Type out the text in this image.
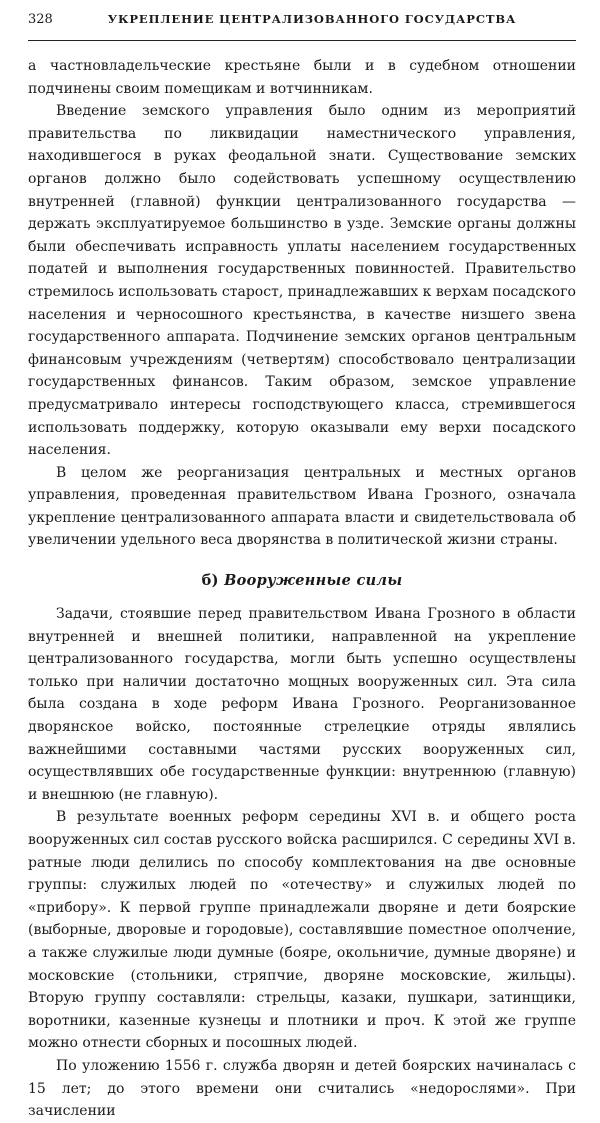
328	УКРЕПЛЕНИЕ ЦЕНТРАЛИЗОВАННОГО ГОСУДАРСТВА

а частновладельческие крестьяне были и в судебном отношении подчинены своим помещикам и вотчинникам.

Введение земского управления было одним из мероприятий правительства по ликвидации наместнического управления, находившегося в руках феодальной знати. Существование земских органов должно было содействовать успешному осуществлению внутренней (главной) функции централизованного государства — держать эксплуатируемое большинство в узде. Земские органы должны были обеспечивать исправность уплаты населением государственных податей и выполнения государственных повинностей. Правительство стремилось использовать старост, принадлежавших к верхам посадского населения и черносошного крестьянства, в качестве низшего звена государственного аппарата. Подчинение земских органов центральным финансовым учреждениям (четвертям) способствовало централизации государственных финансов. Таким образом, земское управление предусматривало интересы господствующего класса, стремившегося использовать поддержку, которую оказывали ему верхи посадского населения.

В целом же реорганизация центральных и местных органов управления, проведенная правительством Ивана Грозного, означала укрепление централизованного аппарата власти и свидетельствовала об увеличении удельного веса дворянства в политической жизни страны.

б) Вооруженные силы

Задачи, стоявшие перед правительством Ивана Грозного в области внутренней и внешней политики, направленной на укрепление централизованного государства, могли быть успешно осуществлены только при наличии достаточно мощных вооруженных сил. Эта сила была создана в ходе реформ Ивана Грозного. Реорганизованное дворянское войско, постоянные стрелецкие отряды являлись важнейшими составными частями русских вооруженных сил, осуществлявших обе государственные функции: внутреннюю (главную) и внешнюю (не главную).

В результате военных реформ середины XVI в. и общего роста вооруженных сил состав русского войска расширился. С середины XVI в. ратные люди делились по способу комплектования на две основные группы: служилых людей по «отечеству» и служилых людей по «прибору». К первой группе принадлежали дворяне и дети боярские (выборные, дворовые и городовые), составлявшие поместное ополчение, а также служилые люди думные (бояре, окольничие, думные дворяне) и московские (стольники, стряпчие, дворяне московские, жильцы). Вторую группу составляли: стрельцы, казаки, пушкари, затинщики, воротники, казенные кузнецы и плотники и проч. К этой же группе можно отнести сборных и посошных людей.

По уложению 1556 г. служба дворян и детей боярских начиналась с 15 лет; до этого времени они считались «недорослями». При зачислении
